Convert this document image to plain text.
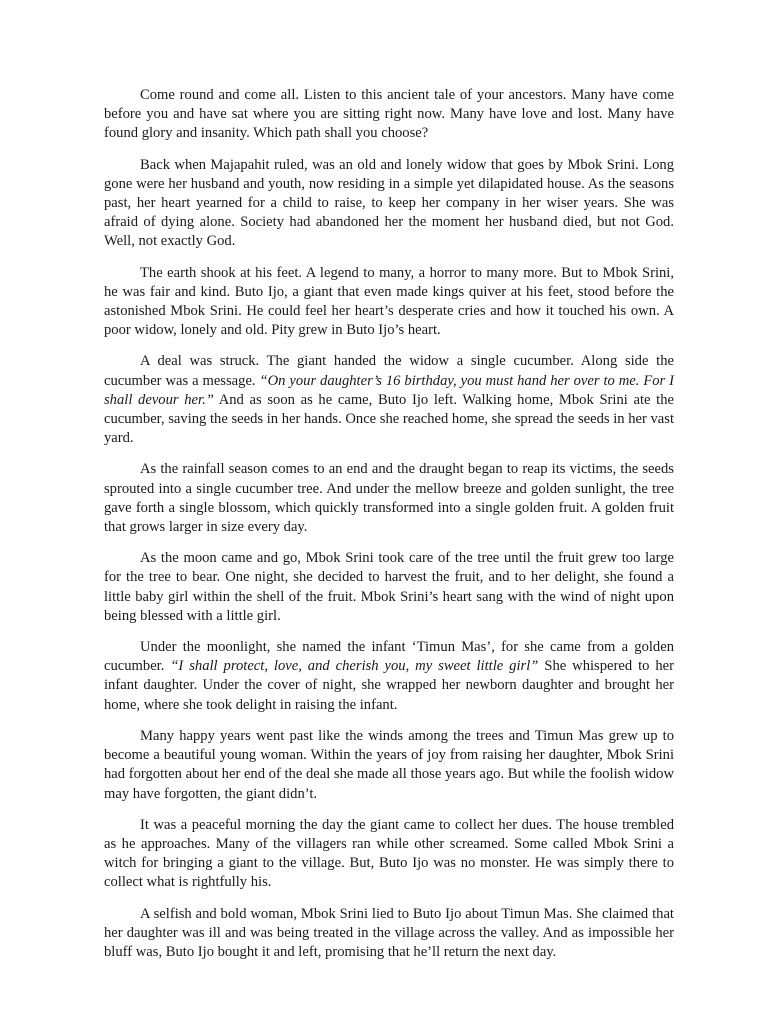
Come round and come all. Listen to this ancient tale of your ancestors. Many have come before you and have sat where you are sitting right now. Many have love and lost. Many have found glory and insanity. Which path shall you choose?

Back when Majapahit ruled, was an old and lonely widow that goes by Mbok Srini. Long gone were her husband and youth, now residing in a simple yet dilapidated house. As the seasons past, her heart yearned for a child to raise, to keep her company in her wiser years. She was afraid of dying alone. Society had abandoned her the moment her husband died, but not God. Well, not exactly God.

The earth shook at his feet. A legend to many, a horror to many more. But to Mbok Srini, he was fair and kind. Buto Ijo, a giant that even made kings quiver at his feet, stood before the astonished Mbok Srini. He could feel her heart’s desperate cries and how it touched his own. A poor widow, lonely and old. Pity grew in Buto Ijo’s heart.

A deal was struck. The giant handed the widow a single cucumber. Along side the cucumber was a message. “On your daughter’s 16 birthday, you must hand her over to me. For I shall devour her.” And as soon as he came, Buto Ijo left. Walking home, Mbok Srini ate the cucumber, saving the seeds in her hands. Once she reached home, she spread the seeds in her vast yard.

As the rainfall season comes to an end and the draught began to reap its victims, the seeds sprouted into a single cucumber tree. And under the mellow breeze and golden sunlight, the tree gave forth a single blossom, which quickly transformed into a single golden fruit. A golden fruit that grows larger in size every day.

As the moon came and go, Mbok Srini took care of the tree until the fruit grew too large for the tree to bear. One night, she decided to harvest the fruit, and to her delight, she found a little baby girl within the shell of the fruit. Mbok Srini’s heart sang with the wind of night upon being blessed with a little girl.

Under the moonlight, she named the infant ‘Timun Mas’, for she came from a golden cucumber. “I shall protect, love, and cherish you, my sweet little girl” She whispered to her infant daughter. Under the cover of night, she wrapped her newborn daughter and brought her home, where she took delight in raising the infant.

Many happy years went past like the winds among the trees and Timun Mas grew up to become a beautiful young woman. Within the years of joy from raising her daughter, Mbok Srini had forgotten about her end of the deal she made all those years ago. But while the foolish widow may have forgotten, the giant didn’t.

It was a peaceful morning the day the giant came to collect her dues. The house trembled as he approaches. Many of the villagers ran while other screamed. Some called Mbok Srini a witch for bringing a giant to the village. But, Buto Ijo was no monster. He was simply there to collect what is rightfully his.

A selfish and bold woman, Mbok Srini lied to Buto Ijo about Timun Mas. She claimed that her daughter was ill and was being treated in the village across the valley. And as impossible her bluff was, Buto Ijo bought it and left, promising that he’ll return the next day.
